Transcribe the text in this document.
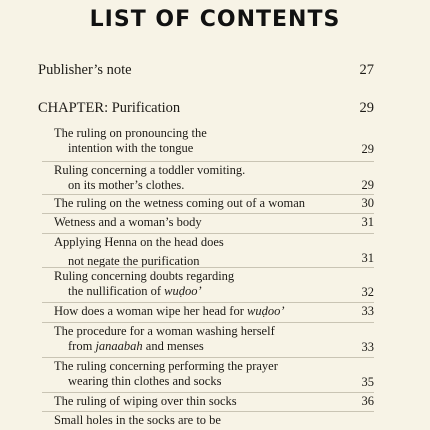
LIST OF CONTENTS
Publisher’s note	27
CHAPTER: Purification	29
The ruling on pronouncing the
intention with the tongue	29
Ruling concerning a toddler vomiting.
on its mother’s clothes.	29
The ruling on the wetness coming out of a woman	30
Wetness and a woman’s body	31
Applying Henna on the head does
not negate the purification	31
Ruling concerning doubts regarding
the nullification of wuḍoo’	32
How does a woman wipe her head for wuḍoo’	33
The procedure for a woman washing herself
from janaabah and menses	33
The ruling concerning performing the prayer
wearing thin clothes and socks	35
The ruling of wiping over thin socks	36
Small holes in the socks are to be
